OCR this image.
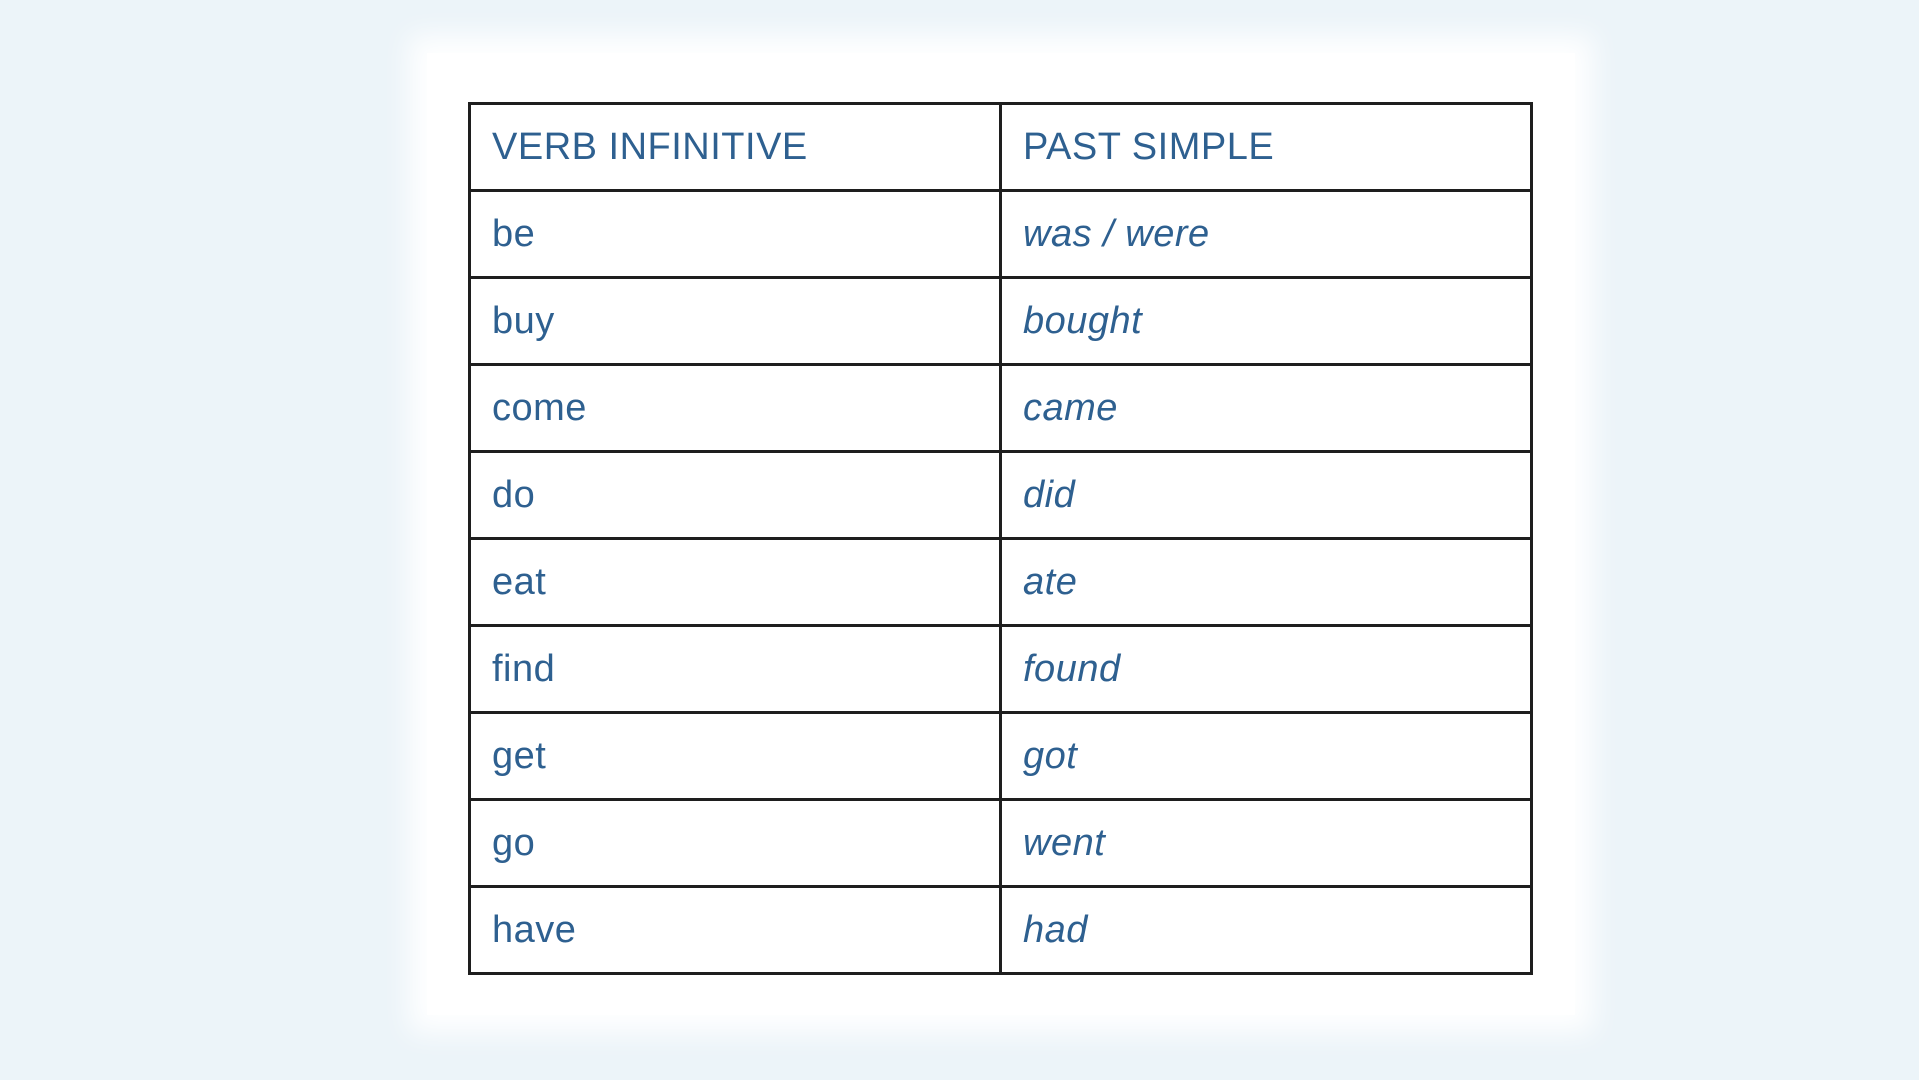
VERB INFINITIVE	PAST SIMPLE
be	was / were
buy	bought
come	came
do	did
eat	ate
find	found
get	got
go	went
have	had
